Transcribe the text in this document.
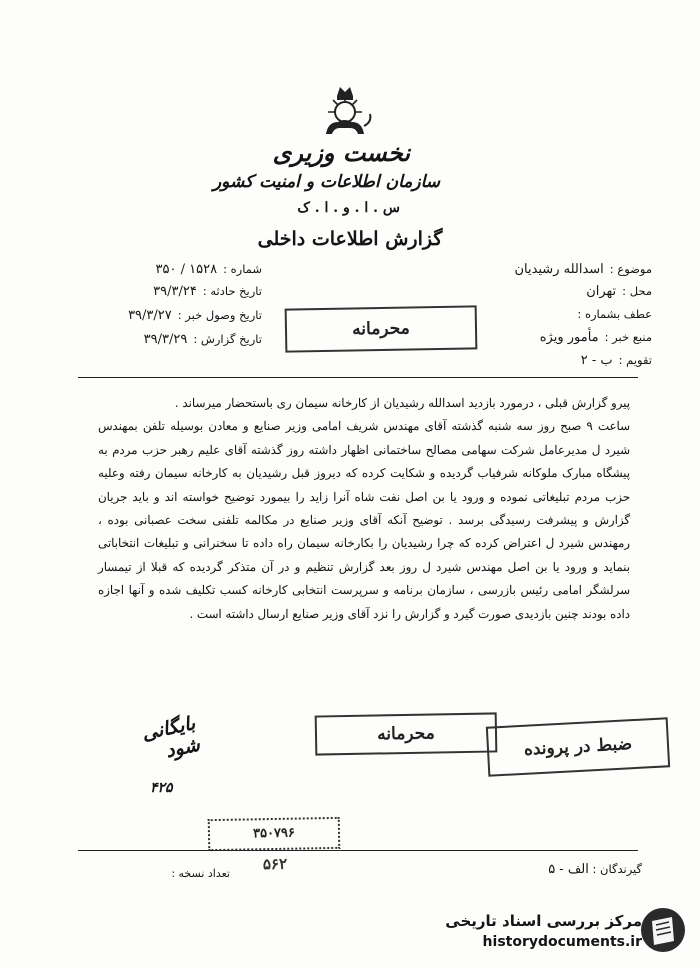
نخست وزیری
سازمان اطلاعات و امنیت کشور
س . ا . و . ا . ک
گزارش اطلاعات داخلی
موضوع :
اسدالله رشیدیان
محل :
تهران
عطف بشماره :
منبع خبر :
مأمور ویژه
تقویم :
ب - ۲
شماره :
۱۵۲۸ / ۳۵۰
تاریخ حادثه :
۳۹/۳/۲۴
تاریخ وصول خبر :
۳۹/۳/۲۷
تاریخ گزارش :
۳۹/۳/۲۹	محرمانه

پیرو گزارش قبلی ، درمورد بازدید اسدالله رشیدیان از کارخانه سیمان ری باستحضار میرساند .

ساعت ۹ صبح روز سه شنبه گذشته آقای مهندس شریف امامی وزیر صنایع و معادن بوسیله تلفن بمهندس شیرد ل مدیرعامل شرکت سهامی مصالح ساختمانی اظهار داشته روز گذشته آقای علیم رهبر حزب مردم به پیشگاه مبارک ملوکانه شرفیاب گردیده و شکایت کرده که دیروز قبل رشیدیان به کارخانه سیمان رفته وعلیه حزب مردم تبلیغاتی نموده و ورود یا بن اصل نفت شاه آنرا زاید را بیمورد توضیح خواسته اند و باید جریان گزارش و پیشرفت رسیدگی برسد . توضیح آنکه آقای وزیر صنایع در مکالمه تلفنی سخت عصبانی بوده ، رمهندس شیرد ل اعتراض کرده که چرا رشیدیان را بکارخانه سیمان راه داده تا سخنرانی و تبلیغات انتخاباتی بنماید و ورود یا بن اصل مهندس شیرد ل روز بعد گزارش تنظیم و در آن متذکر گردیده که قبلا از تیمسار سرلشگر امامی رئیس بازرسی ، سازمان برنامه و سرپرست انتخابی کارخانه کسب تکلیف شده و آنها اجازه داده بودند چنین بازدیدی صورت گیرد و گزارش را نزد آقای وزیر صنایع ارسال داشته است .

محرمانه
ضبط در پرونده
بایگانی شود
۴۲۵
۳۵۰۷۹۶
۵۶۲	گیرندگان : الف - ۵
تعداد نسخه :
مرکز بررسی اسناد تاریخی
historydocuments.ir
